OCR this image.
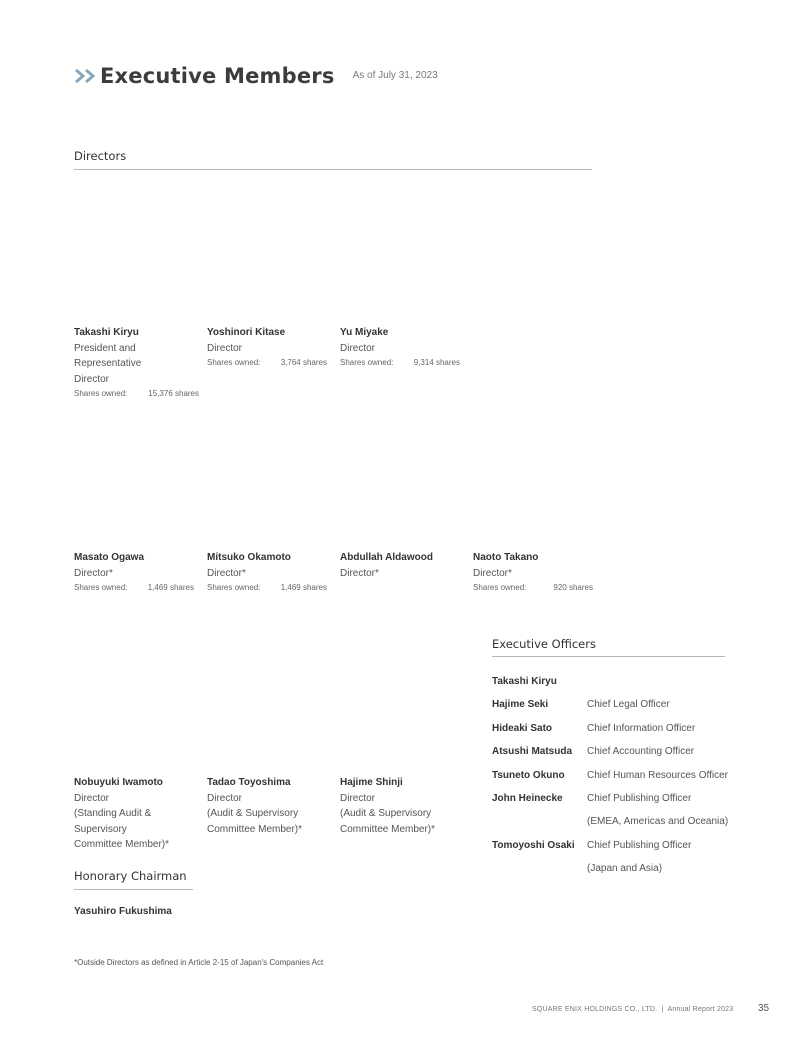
Executive Members As of July 31, 2023
Directors
Takashi Kiryu
President and Representative
Director
Shares owned:	15,376 shares
Yoshinori Kitase
Director
Shares owned:	3,764 shares
Yu Miyake
Director
Shares owned:	9,314 shares
Masato Ogawa
Director*
Shares owned:	1,469 shares
Mitsuko Okamoto
Director*
Shares owned:	1,469 shares
Abdullah Aldawood
Director*
Naoto Takano
Director*
Shares owned:	920 shares
Nobuyuki Iwamoto
Director
(Standing Audit & Supervisory
Committee Member)*
Tadao Toyoshima
Director
(Audit & Supervisory
Committee Member)*
Hajime Shinji
Director
(Audit & Supervisory
Committee Member)*
Executive Officers
Takashi Kiryu
Hajime Seki	Chief Legal Officer
Hideaki Sato	Chief Information Officer
Atsushi Matsuda	Chief Accounting Officer
Tsuneto Okuno	Chief Human Resources Officer
John Heinecke	Chief Publishing Officer
(EMEA, Americas and Oceania)
Tomoyoshi Osaki	Chief Publishing Officer
(Japan and Asia)
Honorary Chairman
Yasuhiro Fukushima
*Outside Directors as defined in Article 2-15 of Japan's Companies Act
SQUARE ENIX HOLDINGS CO., LTD.  |  Annual Report 2023 35
